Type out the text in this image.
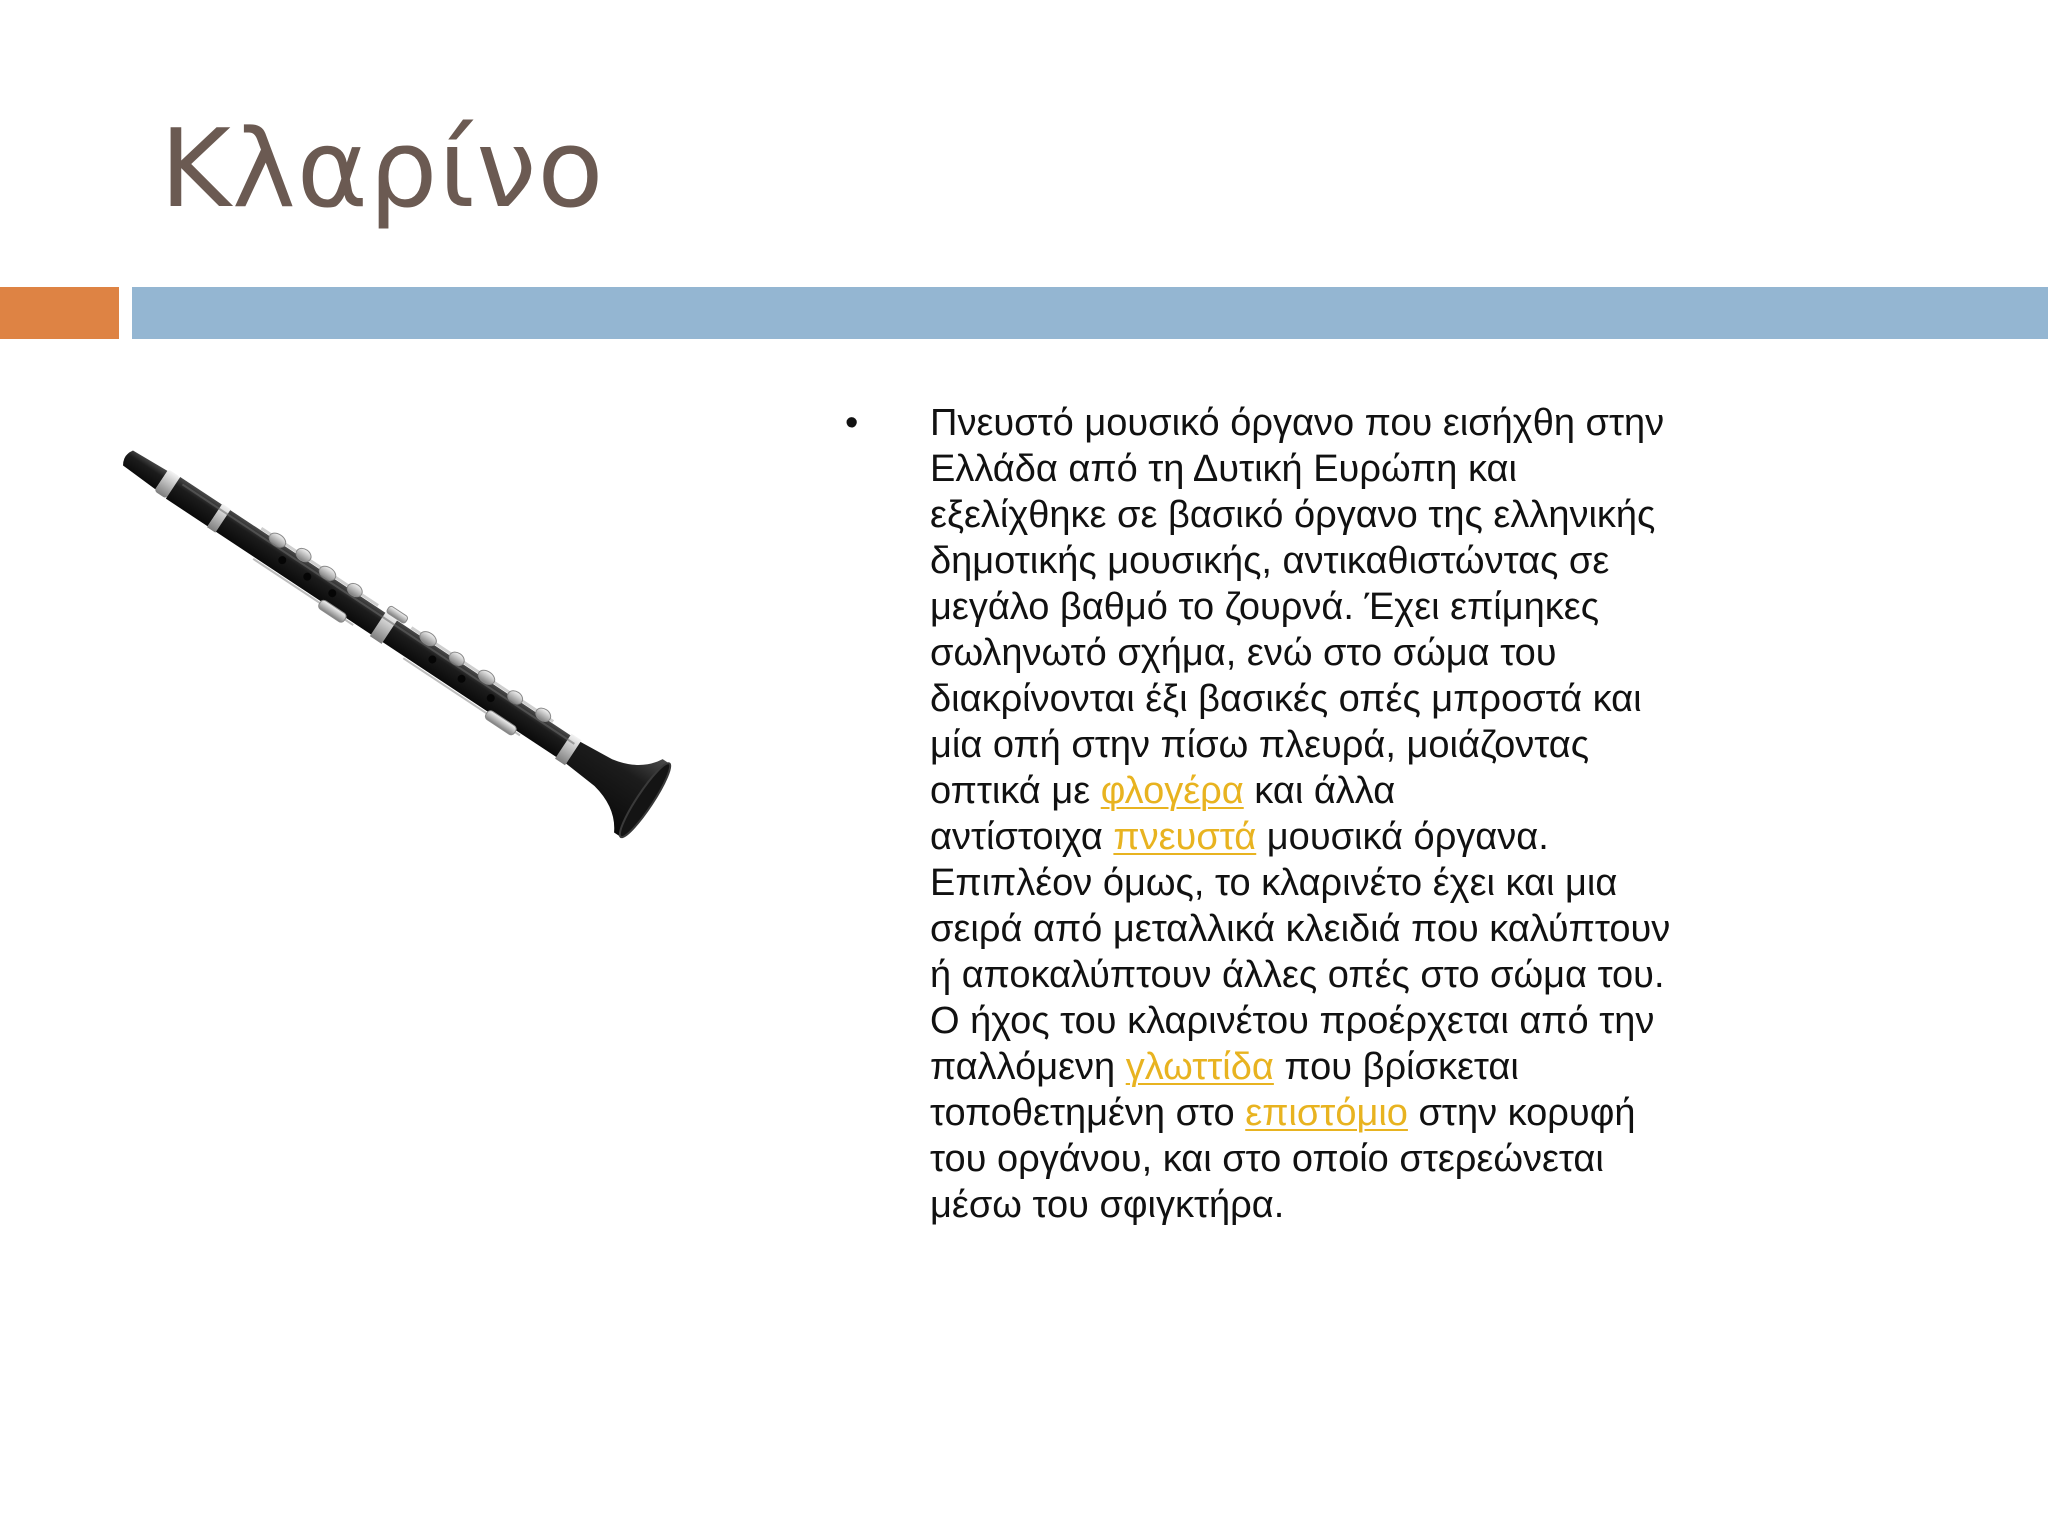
Κλαρίνο
• Πνευστό μουσικό όργανο που εισήχθη στην
Ελλάδα από τη Δυτική Ευρώπη και
εξελίχθηκε σε βασικό όργανο της ελληνικής
δημοτικής μουσικής, αντικαθιστώντας σε
μεγάλο βαθμό το ζουρνά. Έχει επίμηκες
σωληνωτό σχήμα, ενώ στο σώμα του
διακρίνονται έξι βασικές οπές μπροστά και
μία οπή στην πίσω πλευρά, μοιάζοντας
οπτικά με φλογέρα και άλλα
αντίστοιχα πνευστά μουσικά όργανα.
Επιπλέον όμως, το κλαρινέτο έχει και μια
σειρά από μεταλλικά κλειδιά που καλύπτουν
ή αποκαλύπτουν άλλες οπές στο σώμα του.
Ο ήχος του κλαρινέτου προέρχεται από την
παλλόμενη γλωττίδα που βρίσκεται
τοποθετημένη στο επιστόμιο στην κορυφή
του οργάνου, και στο οποίο στερεώνεται
μέσω του σφιγκτήρα.
